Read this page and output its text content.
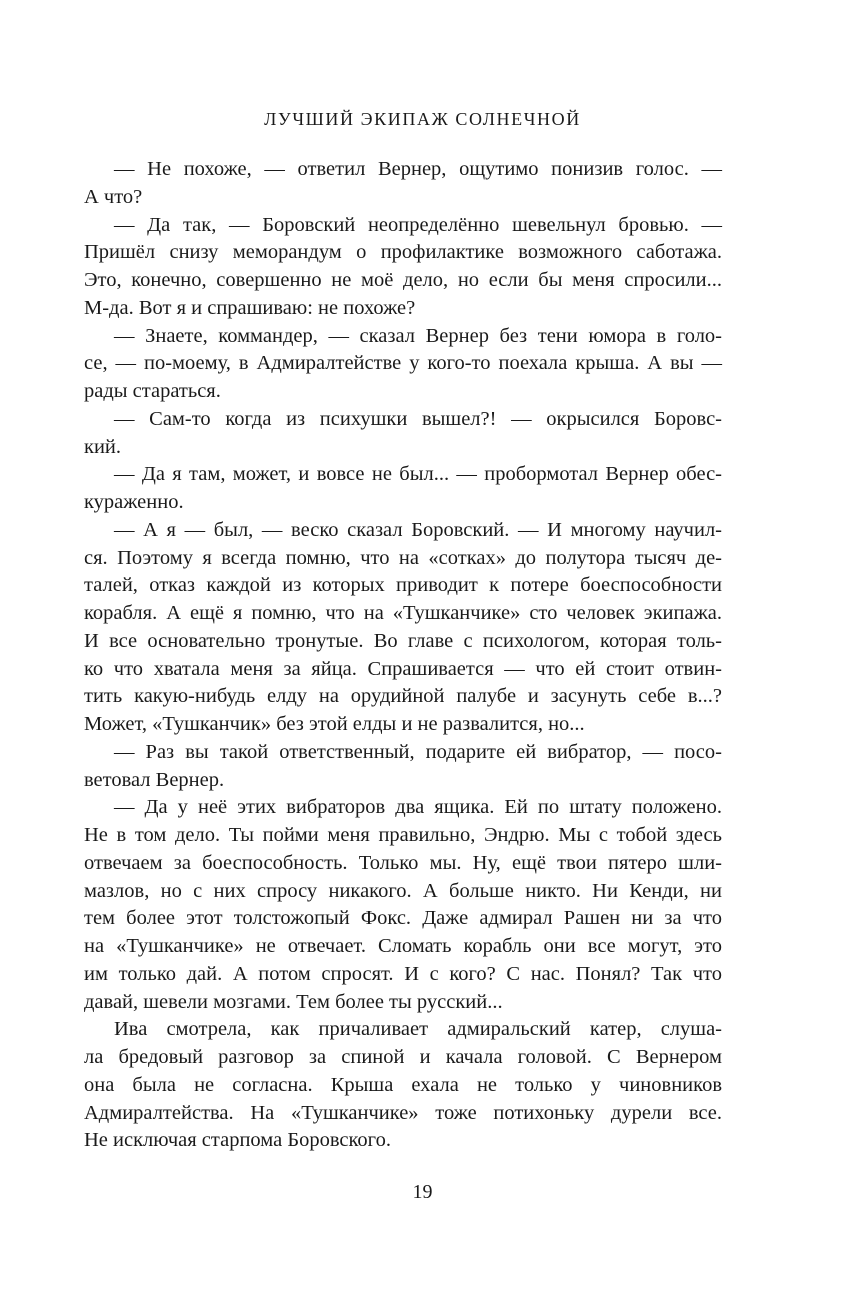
ЛУЧШИЙ ЭКИПАЖ СОЛНЕЧНОЙ
— Не похоже, — ответил Вернер, ощутимо понизив голос. —
А что?
— Да так, — Боровский неопределённо шевельнул бровью. —
Пришёл снизу меморандум о профилактике возможного саботажа.
Это, конечно, совершенно не моё дело, но если бы меня спросили...
М-да. Вот я и спрашиваю: не похоже?
— Знаете, коммандер, — сказал Вернер без тени юмора в голо-
се, — по-моему, в Адмиралтействе у кого-то поехала крыша. А вы —
рады стараться.
— Сам-то когда из психушки вышел?! — окрысился Боровс-
кий.
— Да я там, может, и вовсе не был... — пробормотал Вернер обес-
кураженно.
— А я — был, — веско сказал Боровский. — И многому научил-
ся. Поэтому я всегда помню, что на «сотках» до полутора тысяч де-
талей, отказ каждой из которых приводит к потере боеспособности
корабля. А ещё я помню, что на «Тушканчике» сто человек экипажа.
И все основательно тронутые. Во главе с психологом, которая толь-
ко что хватала меня за яйца. Спрашивается — что ей стоит отвин-
тить какую-нибудь елду на орудийной палубе и засунуть себе в...?
Может, «Тушканчик» без этой елды и не развалится, но...
— Раз вы такой ответственный, подарите ей вибратор, — посо-
ветовал Вернер.
— Да у неё этих вибраторов два ящика. Ей по штату положено.
Не в том дело. Ты пойми меня правильно, Эндрю. Мы с тобой здесь
отвечаем за боеспособность. Только мы. Ну, ещё твои пятеро шли-
мазлов, но с них спросу никакого. А больше никто. Ни Кенди, ни
тем более этот толстожопый Фокс. Даже адмирал Рашен ни за что
на «Тушканчике» не отвечает. Сломать корабль они все могут, это
им только дай. А потом спросят. И с кого? С нас. Понял? Так что
давай, шевели мозгами. Тем более ты русский...
Ива смотрела, как причаливает адмиральский катер, слуша-
ла бредовый разговор за спиной и качала головой. С Вернером
она была не согласна. Крыша ехала не только у чиновников
Адмиралтейства. На «Тушканчике» тоже потихоньку дурели все.
Не исключая старпома Боровского.
19
